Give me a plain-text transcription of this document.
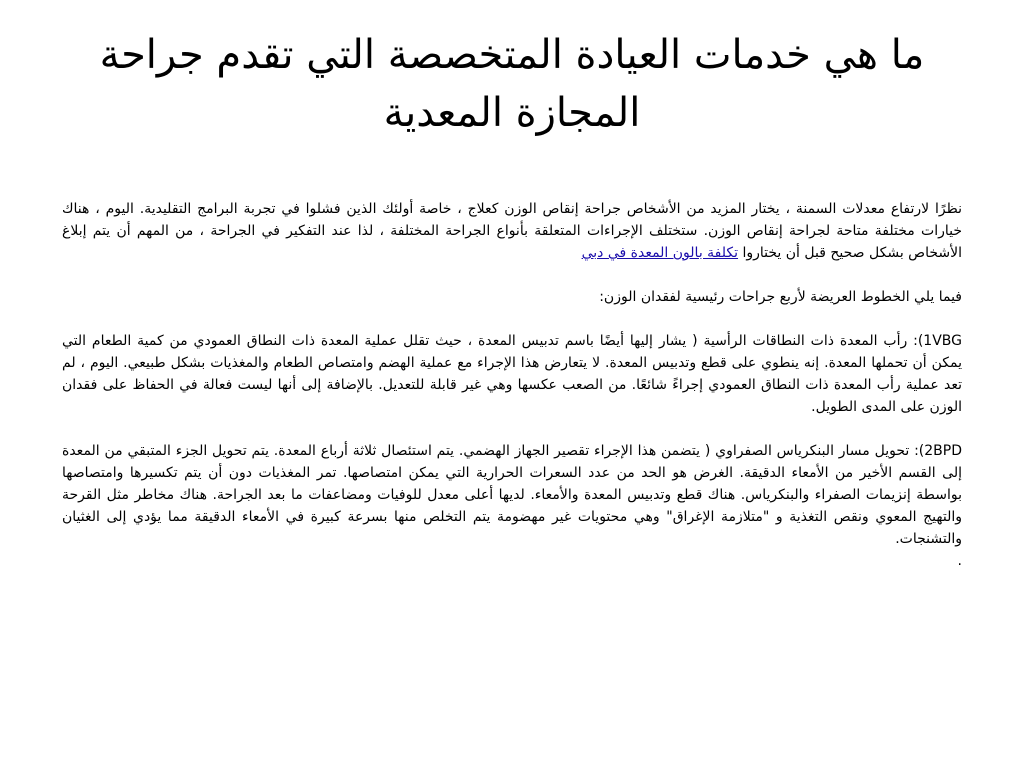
ما هي خدمات العيادة المتخصصة التي تقدم جراحة المجازة المعدية

نظرًا لارتفاع معدلات السمنة ، يختار المزيد من الأشخاص جراحة إنقاص الوزن كعلاج ، خاصة أولئك الذين فشلوا في تجربة البرامج التقليدية. اليوم ، هناك خيارات مختلفة متاحة لجراحة إنقاص الوزن. ستختلف الإجراءات المتعلقة بأنواع الجراحة المختلفة ، لذا عند التفكير في الجراحة ، من المهم أن يتم إبلاغ الأشخاص بشكل صحيح قبل أن يختاروا تكلفة بالون المعدة في دبي

فيما يلي الخطوط العريضة لأربع جراحات رئيسية لفقدان الوزن:

1VBG): رأب المعدة ذات النطاقات الرأسية ( يشار إليها أيضًا باسم تدبيس المعدة ، حيث تقلل عملية المعدة ذات النطاق العمودي من كمية الطعام التي يمكن أن تحملها المعدة. إنه ينطوي على قطع وتدبيس المعدة. لا يتعارض هذا الإجراء مع عملية الهضم وامتصاص الطعام والمغذيات بشكل طبيعي. اليوم ، لم تعد عملية رأب المعدة ذات النطاق العمودي إجراءً شائعًا. من الصعب عكسها وهي غير قابلة للتعديل. بالإضافة إلى أنها ليست فعالة في الحفاظ على فقدان الوزن على المدى الطويل.

2BPD): تحويل مسار البنكرياس الصفراوي ( يتضمن هذا الإجراء تقصير الجهاز الهضمي. يتم استئصال ثلاثة أرباع المعدة. يتم تحويل الجزء المتبقي من المعدة إلى القسم الأخير من الأمعاء الدقيقة. الغرض هو الحد من عدد السعرات الحرارية التي يمكن امتصاصها. تمر المغذيات دون أن يتم تكسيرها وامتصاصها بواسطة إنزيمات الصفراء والبنكرياس. هناك قطع وتدبيس المعدة والأمعاء. لديها أعلى معدل للوفيات ومضاعفات ما بعد الجراحة. هناك مخاطر مثل القرحة والتهيج المعوي ونقص التغذية و "متلازمة الإغراق" وهي محتويات غير مهضومة يتم التخلص منها بسرعة كبيرة في الأمعاء الدقيقة مما يؤدي إلى الغثيان والتشنجات.

.
